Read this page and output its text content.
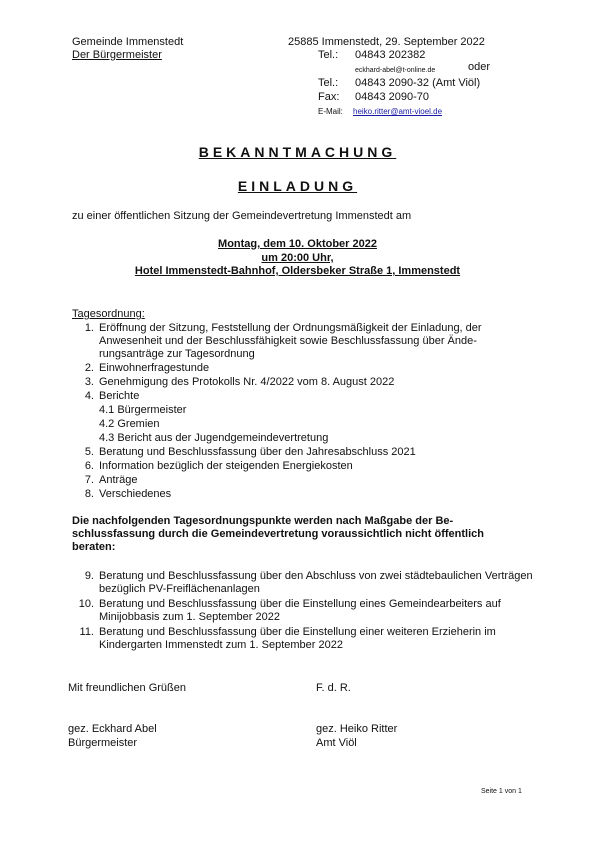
Gemeinde Immenstedt
Der Bürgermeister
25885 Immenstedt, 29. September 2022
Tel.: 04843 202382
eckhard-abel@t-online.de	oder
Tel.: 04843 2090-32 (Amt Viöl)
Fax: 04843 2090-70
E-Mail: heiko.ritter@amt-vioel.de
BEKANNTMACHUNG
EINLADUNG
zu einer öffentlichen Sitzung der Gemeindevertretung Immenstedt am
Montag, dem 10. Oktober 2022
um 20:00 Uhr,
Hotel Immenstedt-Bahnhof, Oldersbeker Straße 1, Immenstedt
Tagesordnung:
1. Eröffnung der Sitzung, Feststellung der Ordnungsmäßigkeit der Einladung, der Anwesenheit und der Beschlussfähigkeit sowie Beschlussfassung über Ände-rungsanträge zur Tagesordnung
2. Einwohnerfragestunde
3. Genehmigung des Protokolls Nr. 4/2022 vom 8. August 2022
4. Berichte
4.1 Bürgermeister
4.2 Gremien
4.3 Bericht aus der Jugendgemeindevertretung
5. Beratung und Beschlussfassung über den Jahresabschluss 2021
6. Information bezüglich der steigenden Energiekosten
7. Anträge
8. Verschiedenes
Die nachfolgenden Tagesordnungspunkte werden nach Maßgabe der Be-schlussfassung durch die Gemeindevertretung voraussichtlich nicht öffentlich beraten:
9. Beratung und Beschlussfassung über den Abschluss von zwei städtebaulichen Verträgen bezüglich PV-Freiflächenanlagen
10. Beratung und Beschlussfassung über die Einstellung eines Gemeindearbeiters auf Minijobbasis zum 1. September 2022
11. Beratung und Beschlussfassung über die Einstellung einer weiteren Erzieherin im Kindergarten Immenstedt zum 1. September 2022
Mit freundlichen Grüßen	F. d. R.
gez. Eckhard Abel
Bürgermeister
gez. Heiko Ritter
Amt Viöl
Seite 1 von 1
